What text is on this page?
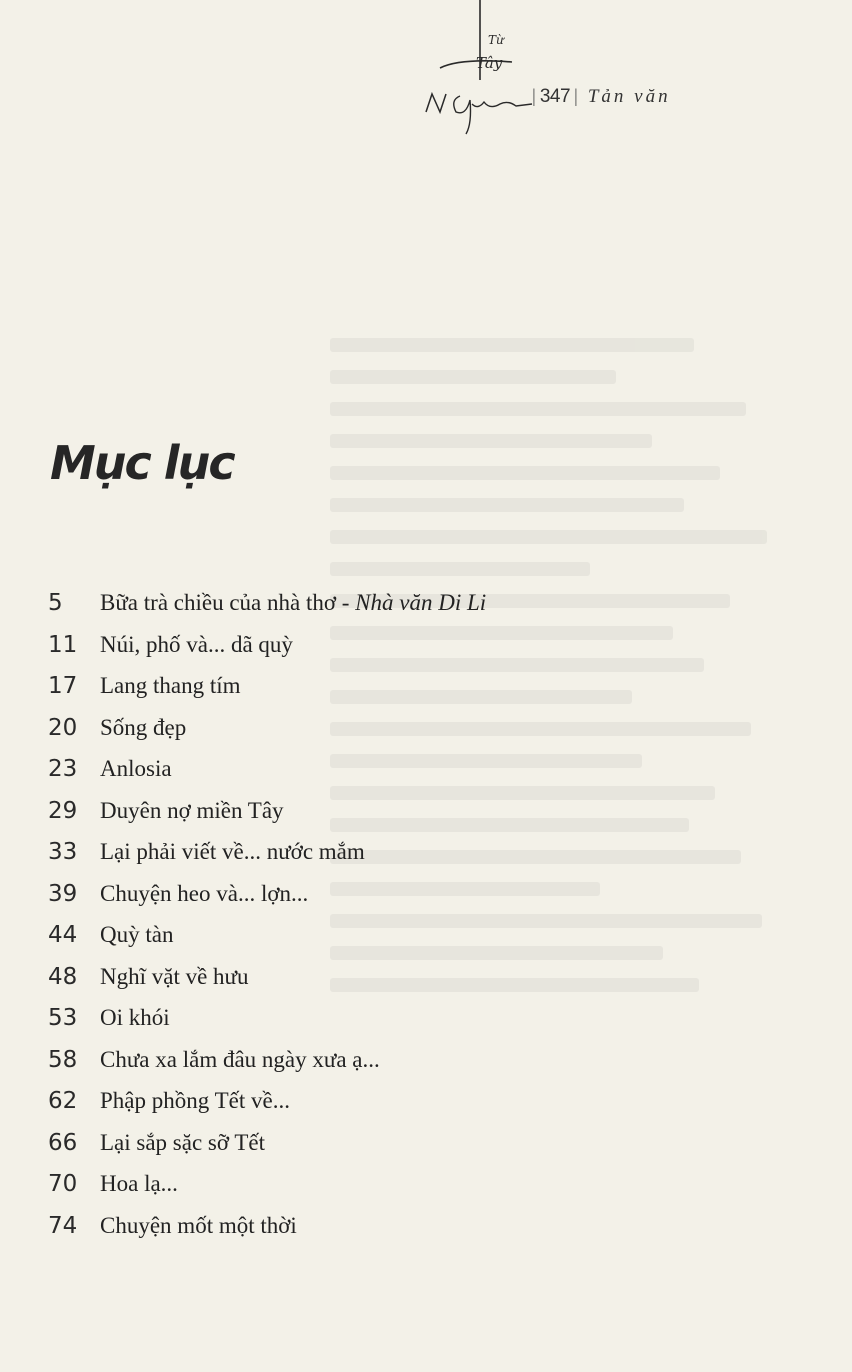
Tây
Từ
| 347 | Tản văn
Mục lục
5	Bữa trà chiều của nhà thơ - Nhà văn Di Li
11 Núi, phố và... dã quỳ
17 Lang thang tím
20 Sống đẹp
23 Anlosia
29 Duyên nợ miền Tây
33 Lại phải viết về... nước mắm
39 Chuyện heo và... lợn...
44 Quỳ tàn
48 Nghĩ vặt về hưu
53 Oi khói
58 Chưa xa lắm đâu ngày xưa ạ...
62 Phập phồng Tết về...
66 Lại sắp sặc sỡ Tết
70 Hoa lạ...
74 Chuyện mốt một thời
